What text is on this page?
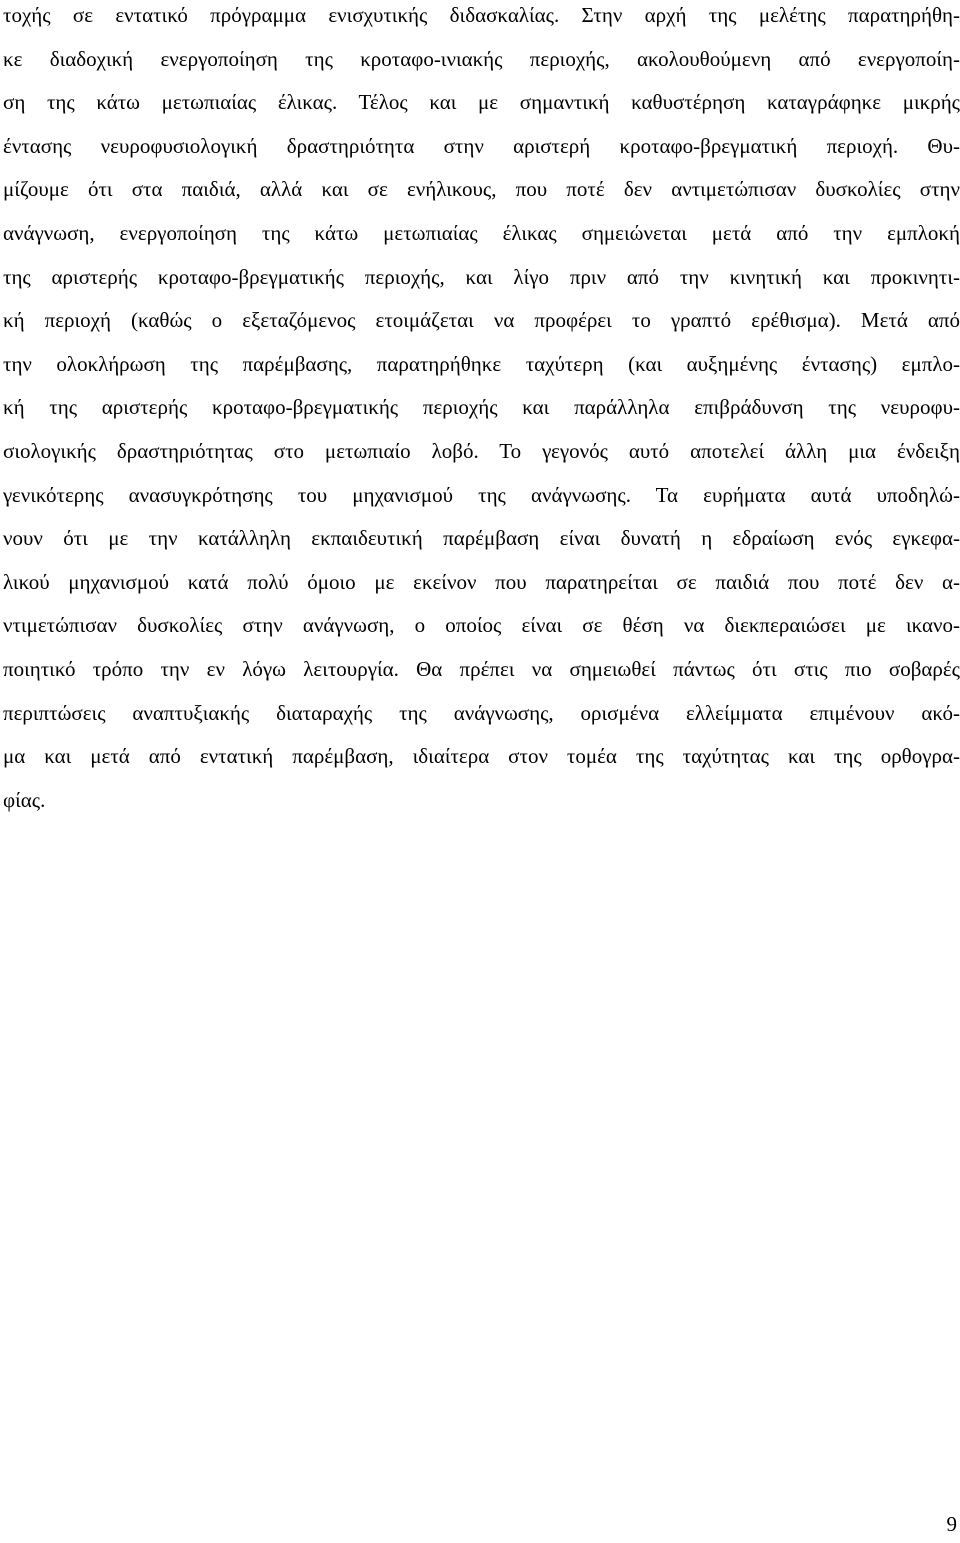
τοχής σε εντατικό πρόγραμμα ενισχυτικής διδασκαλίας. Στην αρχή της μελέτης παρατηρήθη-
κε διαδοχική ενεργοποίηση της κροταφο-ινιακής περιοχής, ακολουθούμενη από ενεργοποίη-
ση της κάτω μετωπιαίας έλικας. Τέλος και με σημαντική καθυστέρηση καταγράφηκε μικρής
έντασης νευροφυσιολογική δραστηριότητα στην αριστερή κροταφο-βρεγματική περιοχή. Θυ-
μίζουμε ότι στα παιδιά, αλλά και σε ενήλικους, που ποτέ δεν αντιμετώπισαν δυσκολίες στην
ανάγνωση, ενεργοποίηση της κάτω μετωπιαίας έλικας σημειώνεται μετά από την εμπλοκή
της αριστερής κροταφο-βρεγματικής περιοχής, και λίγο πριν από την κινητική και προκινητι-
κή περιοχή (καθώς ο εξεταζόμενος ετοιμάζεται να προφέρει το γραπτό ερέθισμα). Μετά από
την ολοκλήρωση της παρέμβασης, παρατηρήθηκε ταχύτερη (και αυξημένης έντασης) εμπλο-
κή της αριστερής κροταφο-βρεγματικής περιοχής και παράλληλα επιβράδυνση της νευροφυ-
σιολογικής δραστηριότητας στο μετωπιαίο λοβό. Το γεγονός αυτό αποτελεί άλλη μια ένδειξη
γενικότερης ανασυγκρότησης του μηχανισμού της ανάγνωσης. Τα ευρήματα αυτά υποδηλώ-
νουν ότι με την κατάλληλη εκπαιδευτική παρέμβαση είναι δυνατή η εδραίωση ενός εγκεφα-
λικού μηχανισμού κατά πολύ όμοιο με εκείνον που παρατηρείται σε παιδιά που ποτέ δεν α-
ντιμετώπισαν δυσκολίες στην ανάγνωση, ο οποίος είναι σε θέση να διεκπεραιώσει με ικανο-
ποιητικό τρόπο την εν λόγω λειτουργία. Θα πρέπει να σημειωθεί πάντως ότι στις πιο σοβαρές
περιπτώσεις αναπτυξιακής διαταραχής της ανάγνωσης, ορισμένα ελλείμματα επιμένουν ακό-
μα και μετά από εντατική παρέμβαση, ιδιαίτερα στον τομέα της ταχύτητας και της ορθογρα-
φίας.
9
